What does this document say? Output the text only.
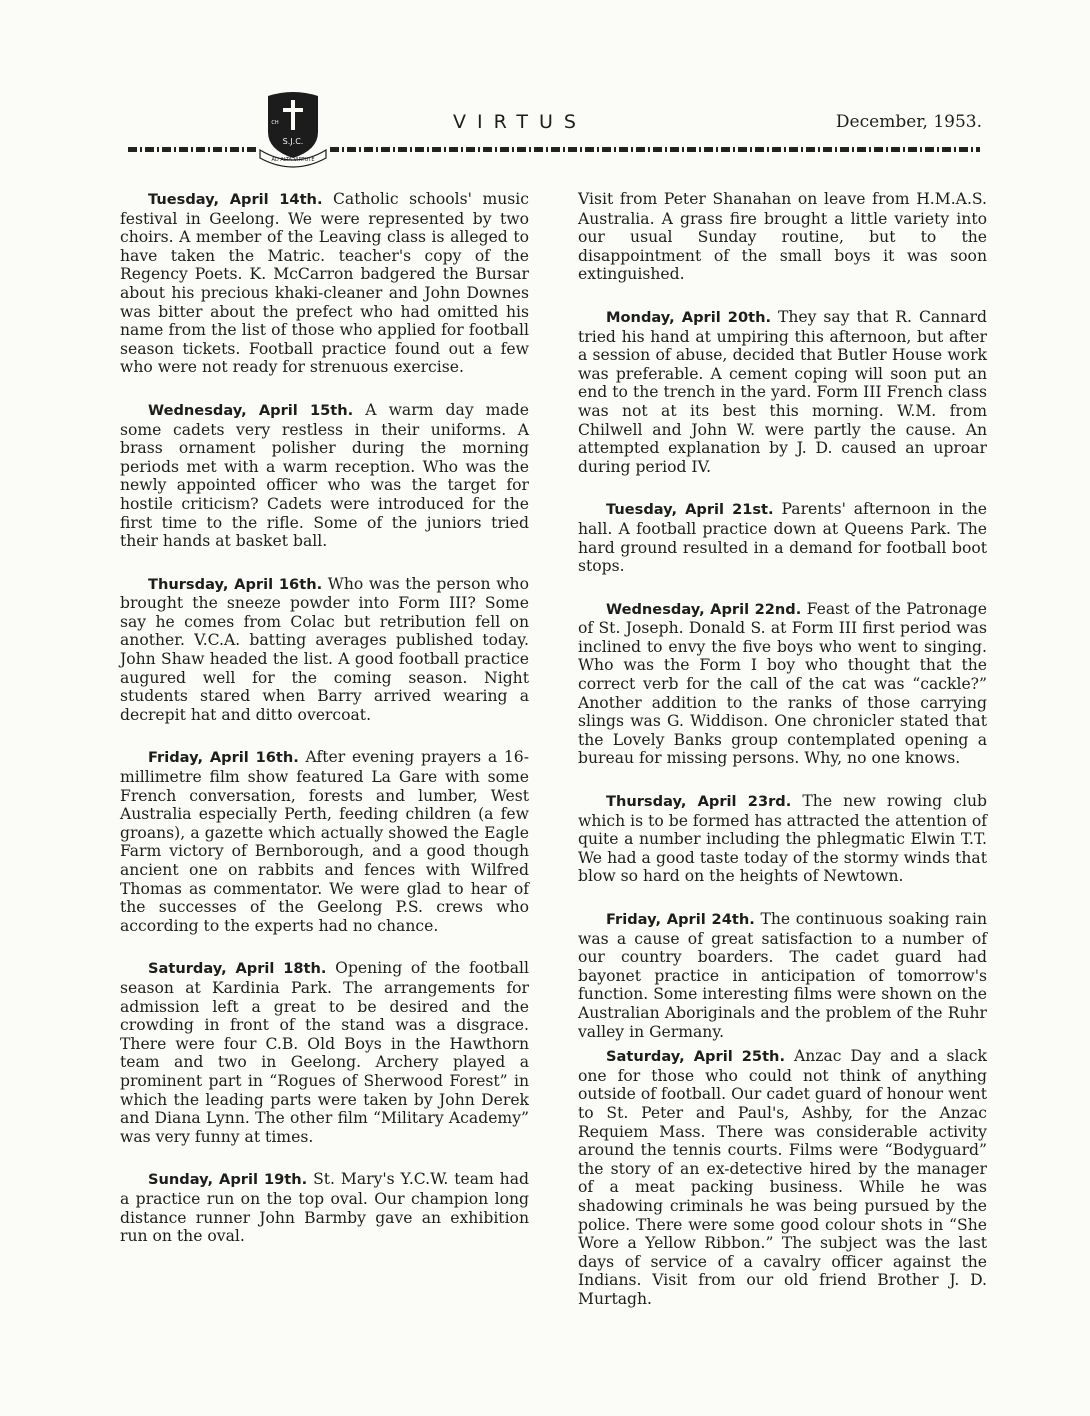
S.J.C.
CH
AD ALTA VIRTUTE
VIRTUS	December, 1953.

Tuesday, April 14th. Catholic schools' music festival in Geelong. We were represented by two choirs. A member of the Leaving class is alleged to have taken the Matric. teacher's copy of the Regency Poets. K. McCarron badgered the Bursar about his precious khaki-cleaner and John Downes was bitter about the prefect who had omitted his name from the list of those who applied for football season tickets. Football practice found out a few who were not ready for strenuous exercise.

Wednesday, April 15th. A warm day made some cadets very restless in their uniforms. A brass ornament polisher during the morning periods met with a warm reception. Who was the newly appointed officer who was the target for hostile criticism? Cadets were introduced for the first time to the rifle. Some of the juniors tried their hands at basket ball.

Thursday, April 16th. Who was the person who brought the sneeze powder into Form III? Some say he comes from Colac but retribution fell on another. V.C.A. batting averages published today. John Shaw headed the list. A good football practice augured well for the coming season. Night students stared when Barry arrived wearing a decrepit hat and ditto overcoat.

Friday, April 16th. After evening prayers a 16-millimetre film show featured La Gare with some French conversation, forests and lumber, West Australia especially Perth, feeding children (a few groans), a gazette which actually showed the Eagle Farm victory of Bernborough, and a good though ancient one on rabbits and fences with Wilfred Thomas as commentator. We were glad to hear of the successes of the Geelong P.S. crews who according to the experts had no chance.

Saturday, April 18th. Opening of the football season at Kardinia Park. The arrangements for admission left a great to be desired and the crowding in front of the stand was a disgrace. There were four C.B. Old Boys in the Hawthorn team and two in Geelong. Archery played a prominent part in “Rogues of Sherwood Forest” in which the leading parts were taken by John Derek and Diana Lynn. The other film “Military Academy” was very funny at times.

Sunday, April 19th. St. Mary's Y.C.W. team had a practice run on the top oval. Our champion long distance runner John Barmby gave an exhibition run on the oval.

Visit from Peter Shanahan on leave from H.M.A.S. Australia. A grass fire brought a little variety into our usual Sunday routine, but to the disappointment of the small boys it was soon extinguished.

Monday, April 20th. They say that R. Cannard tried his hand at umpiring this afternoon, but after a session of abuse, decided that Butler House work was preferable. A cement coping will soon put an end to the trench in the yard. Form III French class was not at its best this morning. W.M. from Chilwell and John W. were partly the cause. An attempted explanation by J. D. caused an uproar during period IV.

Tuesday, April 21st. Parents' afternoon in the hall. A football practice down at Queens Park. The hard ground resulted in a demand for football boot stops.

Wednesday, April 22nd. Feast of the Patronage of St. Joseph. Donald S. at Form III first period was inclined to envy the five boys who went to singing. Who was the Form I boy who thought that the correct verb for the call of the cat was “cackle?” Another addition to the ranks of those carrying slings was G. Widdison. One chronicler stated that the Lovely Banks group contemplated opening a bureau for missing persons. Why, no one knows.

Thursday, April 23rd. The new rowing club which is to be formed has attracted the attention of quite a number including the phlegmatic Elwin T.T. We had a good taste today of the stormy winds that blow so hard on the heights of Newtown.

Friday, April 24th. The continuous soaking rain was a cause of great satisfaction to a number of our country boarders. The cadet guard had bayonet practice in anticipation of tomorrow's function. Some interesting films were shown on the Australian Aboriginals and the problem of the Ruhr valley in Germany.

Saturday, April 25th. Anzac Day and a slack one for those who could not think of anything outside of football. Our cadet guard of honour went to St. Peter and Paul's, Ashby, for the Anzac Requiem Mass. There was considerable activity around the tennis courts. Films were “Bodyguard” the story of an ex-detective hired by the manager of a meat packing business. While he was shadowing criminals he was being pursued by the police. There were some good colour shots in “She Wore a Yellow Ribbon.” The subject was the last days of service of a cavalry officer against the Indians. Visit from our old friend Brother J. D. Murtagh.
